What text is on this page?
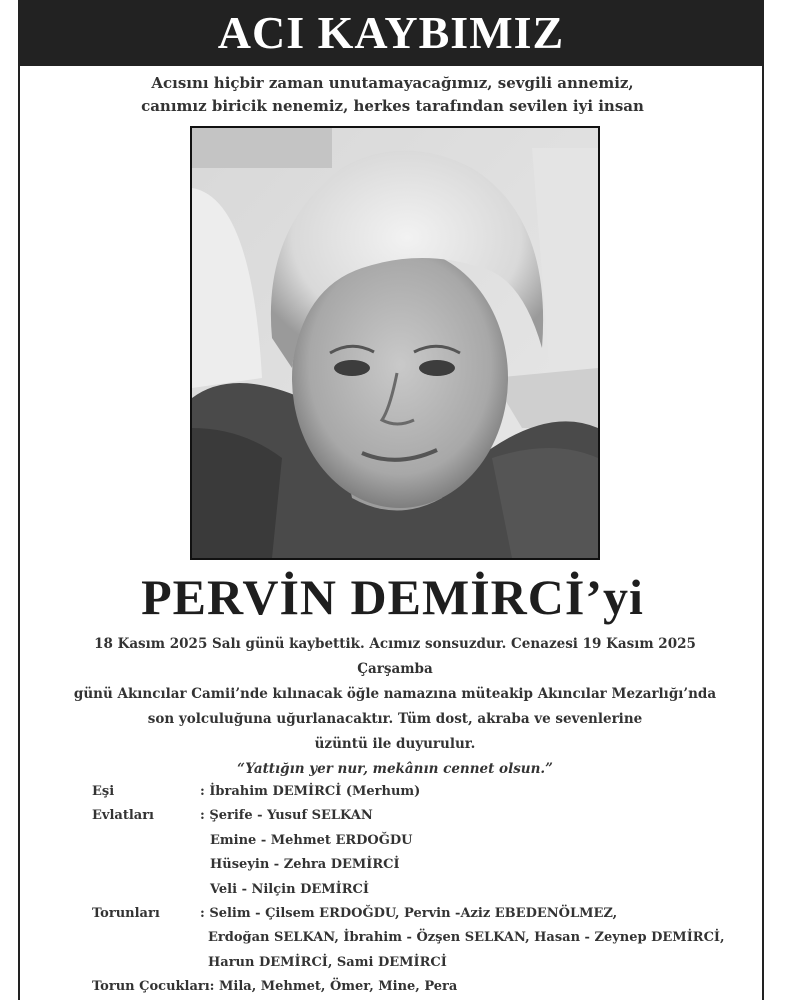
ACI KAYBIMIZ
Acısını hiçbir zaman unutamayacağımız, sevgili annemiz,
canımız biricik nenemiz, herkes tarafından sevilen iyi insan
PERVİN DEMİRCİ’yi

18 Kasım 2025 Salı günü kaybettik. Acımız sonsuzdur. Cenazesi 19 Kasım 2025 Çarşamba

günü Akıncılar Camii’nde kılınacak öğle namazına müteakip Akıncılar Mezarlığı’nda

son yolculuğuna uğurlanacaktır. Tüm dost, akraba ve sevenlerine

üzüntü ile duyurulur.

“Yattığın yer nur, mekânın cennet olsun.”

Eşi	: İbrahim DEMİRCİ (Merhum)
Evlatları	: Şerife - Yusuf SELKAN
Emine - Mehmet ERDOĞDU
Hüseyin - Zehra DEMİRCİ
Veli - Nilçin DEMİRCİ
Torunları	: Selim - Çilsem ERDOĞDU, Pervin -Aziz EBEDENÖLMEZ,
Erdoğan SELKAN, İbrahim - Özşen SELKAN, Hasan - Zeynep DEMİRCİ,
Harun DEMİRCİ, Sami DEMİRCİ
Torun Çocukları: Mila, Mehmet, Ömer, Mine, Pera
